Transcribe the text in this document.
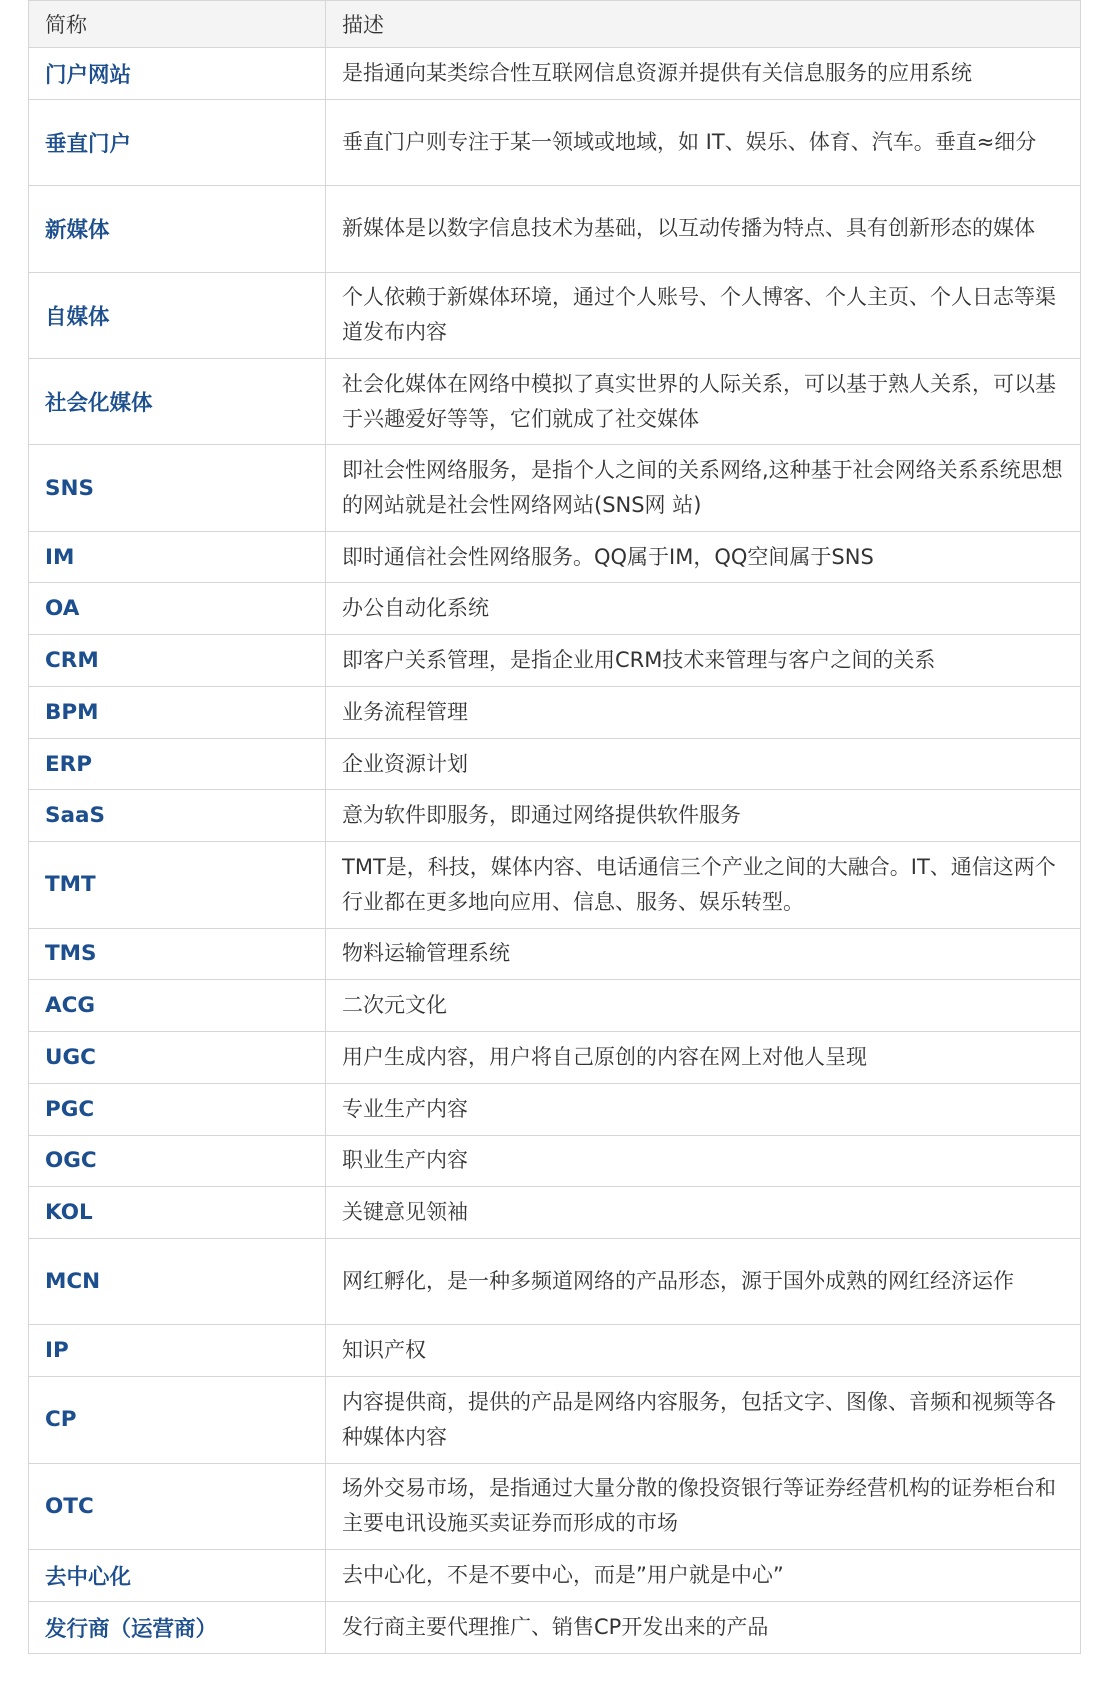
简称	描述
门户网站	是指通向某类综合性互联网信息资源并提供有关信息服务的应用系统
垂直门户	垂直门户则专注于某一领域或地域，如 IT、娱乐、体育、汽车。垂直≈细分
新媒体	新媒体是以数字信息技术为基础，以互动传播为特点、具有创新形态的媒体
自媒体	个人依赖于新媒体环境，通过个人账号、个人博客、个人主页、个人日志等渠道发布内容
社会化媒体	社会化媒体在网络中模拟了真实世界的人际关系，可以基于熟人关系，可以基于兴趣爱好等等，它们就成了社交媒体
SNS	即社会性网络服务，是指个人之间的关系网络,这种基于社会网络关系系统思想的网站就是社会性网络网站(SNS网 站)
IM	即时通信社会性网络服务。QQ属于IM，QQ空间属于SNS
OA	办公自动化系统
CRM	即客户关系管理，是指企业用CRM技术来管理与客户之间的关系
BPM	业务流程管理
ERP	企业资源计划
SaaS	意为软件即服务，即通过网络提供软件服务
TMT	TMT是，科技，媒体内容、电话通信三个产业之间的大融合。IT、通信这两个行业都在更多地向应用、信息、服务、娱乐转型。
TMS	物料运输管理系统
ACG	二次元文化
UGC	用户生成内容，用户将自己原创的内容在网上对他人呈现
PGC	专业生产内容
OGC	职业生产内容
KOL	关键意见领袖
MCN	网红孵化，是一种多频道网络的产品形态，源于国外成熟的网红经济运作
IP	知识产权
CP	内容提供商，提供的产品是网络内容服务，包括文字、图像、音频和视频等各种媒体内容
OTC	场外交易市场，是指通过大量分散的像投资银行等证券经营机构的证券柜台和主要电讯设施买卖证券而形成的市场
去中心化	去中心化，不是不要中心，而是”用户就是中心”
发行商（运营商）	发行商主要代理推广、销售CP开发出来的产品
